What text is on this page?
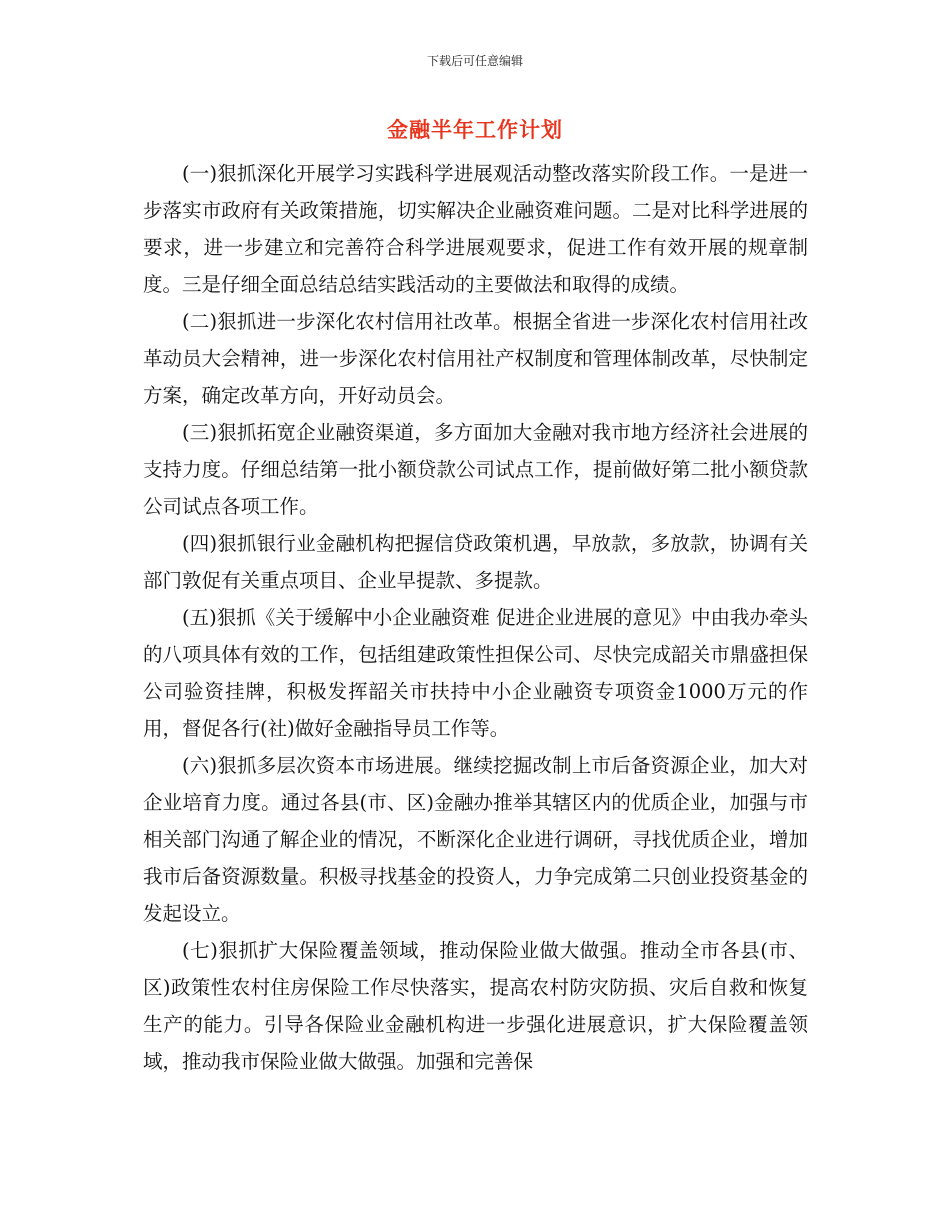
下载后可任意编辑
金融半年工作计划

(一)狠抓深化开展学习实践科学进展观活动整改落实阶段工作。一是进一步落实市政府有关政策措施，切实解决企业融资难问题。二是对比科学进展的要求，进一步建立和完善符合科学进展观要求，促进工作有效开展的规章制度。三是仔细全面总结总结实践活动的主要做法和取得的成绩。

(二)狠抓进一步深化农村信用社改革。根据全省进一步深化农村信用社改革动员大会精神，进一步深化农村信用社产权制度和管理体制改革，尽快制定方案，确定改革方向，开好动员会。

(三)狠抓拓宽企业融资渠道，多方面加大金融对我市地方经济社会进展的支持力度。仔细总结第一批小额贷款公司试点工作，提前做好第二批小额贷款公司试点各项工作。

(四)狠抓银行业金融机构把握信贷政策机遇，早放款，多放款，协调有关部门敦促有关重点项目、企业早提款、多提款。

(五)狠抓《关于缓解中小企业融资难 促进企业进展的意见》中由我办牵头的八项具体有效的工作，包括组建政策性担保公司、尽快完成韶关市鼎盛担保公司验资挂牌，积极发挥韶关市扶持中小企业融资专项资金1000万元的作用，督促各行(社)做好金融指导员工作等。

(六)狠抓多层次资本市场进展。继续挖掘改制上市后备资源企业，加大对企业培育力度。通过各县(市、区)金融办推举其辖区内的优质企业，加强与市相关部门沟通了解企业的情况，不断深化企业进行调研，寻找优质企业，增加我市后备资源数量。积极寻找基金的投资人，力争完成第二只创业投资基金的发起设立。

(七)狠抓扩大保险覆盖领域，推动保险业做大做强。推动全市各县(市、区)政策性农村住房保险工作尽快落实，提高农村防灾防损、灾后自救和恢复生产的能力。引导各保险业金融机构进一步强化进展意识，扩大保险覆盖领域，推动我市保险业做大做强。加强和完善保
